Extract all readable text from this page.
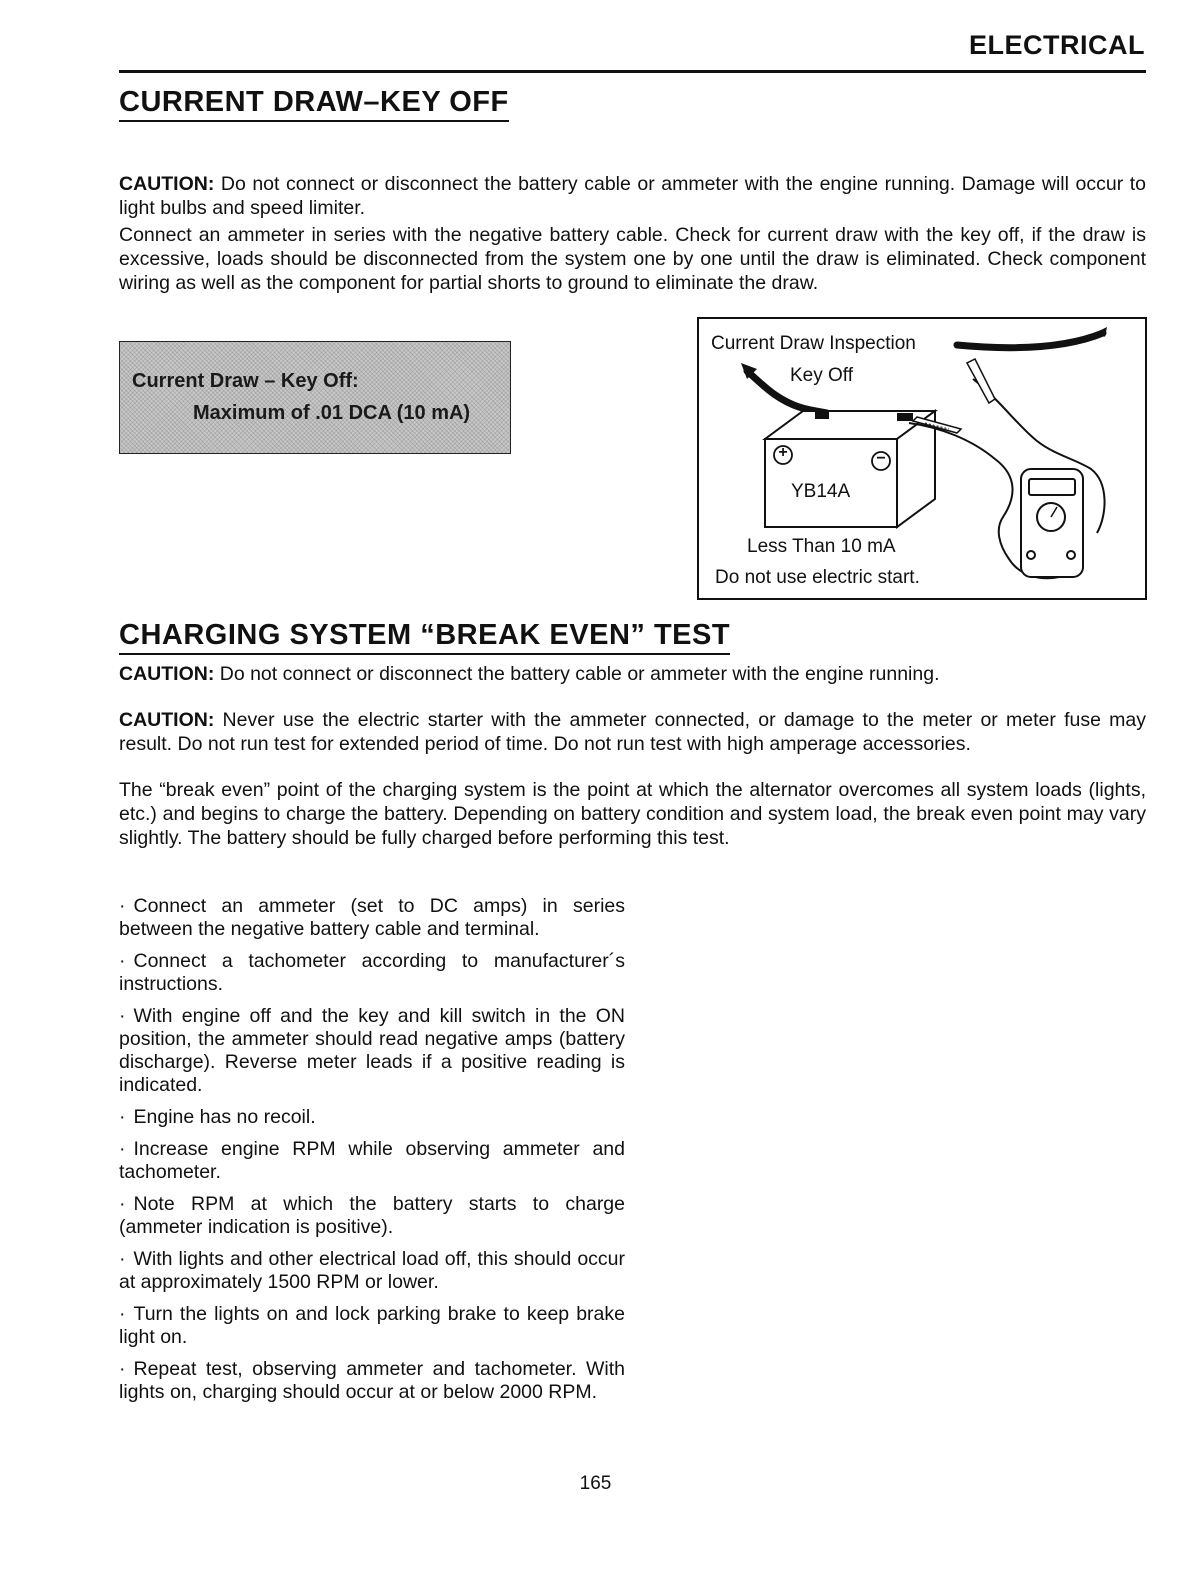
ELECTRICAL
CURRENT DRAW–KEY OFF

CAUTION: Do not connect or disconnect the battery cable or ammeter with the engine running. Damage will occur to light bulbs and speed limiter.

Connect an ammeter in series with the negative battery cable. Check for current draw with the key off, if the draw is excessive, loads should be disconnected from the system one by one until the draw is eliminated. Check component wiring as well as the component for partial shorts to ground to eliminate the draw.

Current Draw – Key Off:
Maximum of .01 DCA (10 mA)
Current Draw Inspection
Key Off
+	−
YB14A
Less Than 10 mA
Do not use electric start.
CHARGING SYSTEM “BREAK EVEN” TEST

CAUTION: Do not connect or disconnect the battery cable or ammeter with the engine running.

CAUTION: Never use the electric starter with the ammeter connected, or damage to the meter or meter fuse may result. Do not run test for extended period of time. Do not run test with high amperage accessories.

The “break even” point of the charging system is the point at which the alternator overcomes all system loads (lights, etc.) and begins to charge the battery. Depending on battery condition and system load, the break even point may vary slightly. The battery should be fully charged before performing this test.

· Connect an ammeter (set to DC amps) in series between the negative battery cable and terminal.

· Connect a tachometer according to manufacturer´s instructions.

· With engine off and the key and kill switch in the ON position, the ammeter should read negative amps (battery discharge). Reverse meter leads if a positive reading is indicated.

· Engine has no recoil.

· Increase engine RPM while observing ammeter and tachometer.

· Note RPM at which the battery starts to charge (ammeter indication is positive).

· With lights and other electrical load off, this should occur at approximately 1500 RPM or lower.

· Turn the lights on and lock parking brake to keep brake light on.

· Repeat test, observing ammeter and tachometer. With lights on, charging should occur at or below 2000 RPM.

165
